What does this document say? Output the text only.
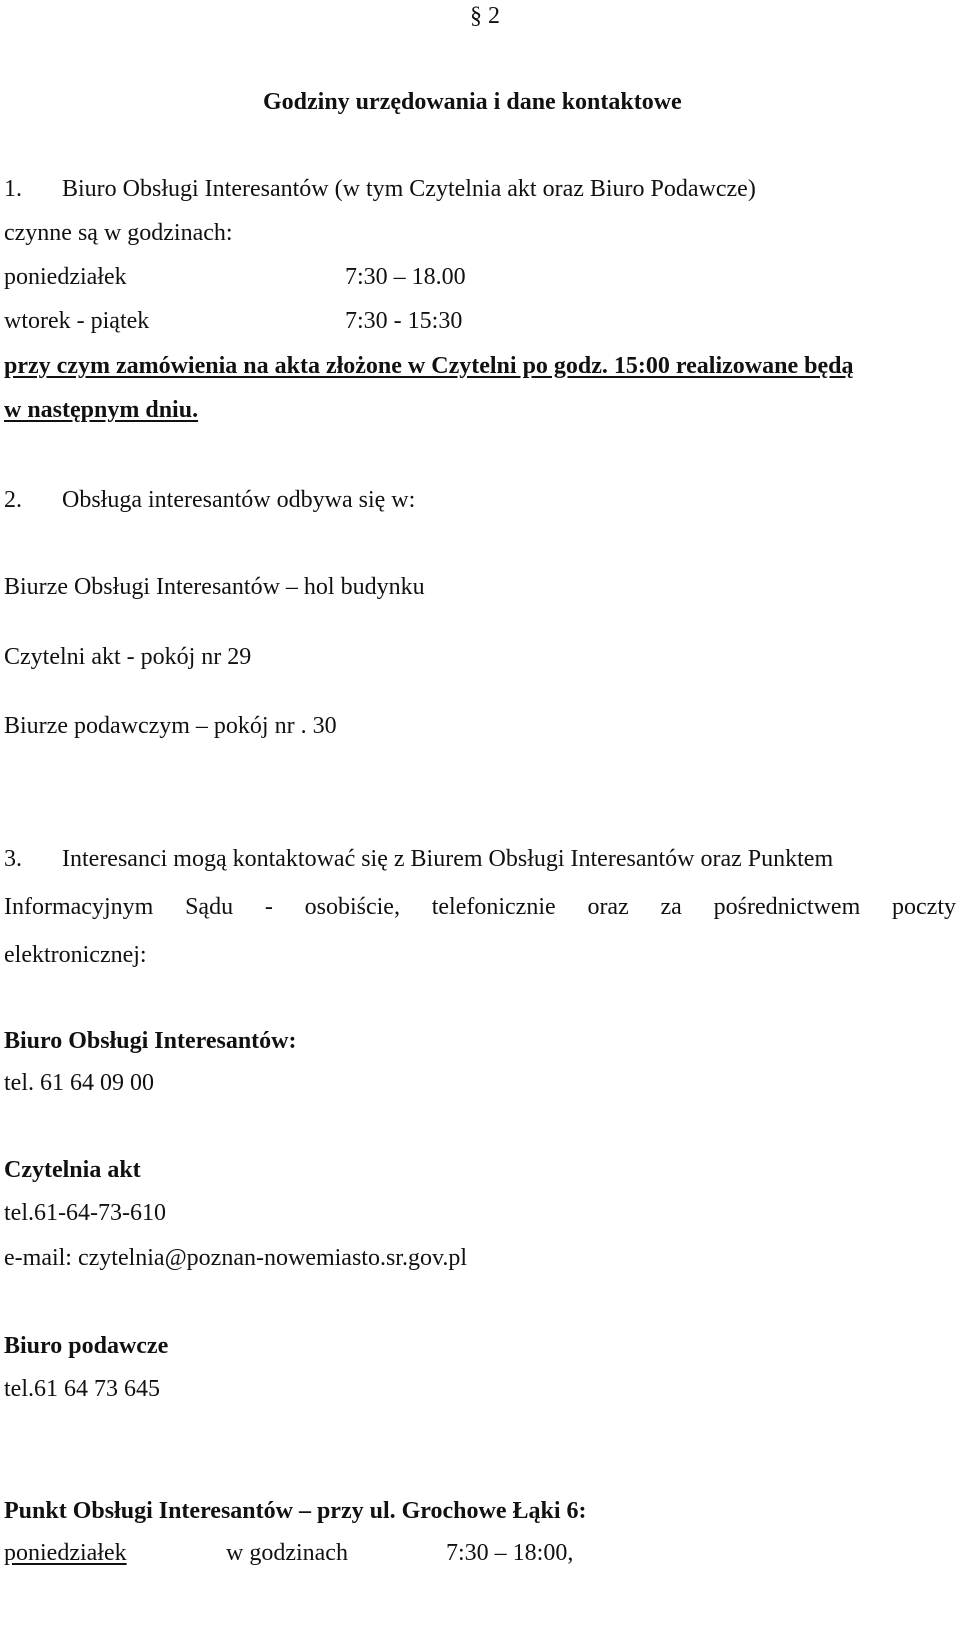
§ 2
Godziny urzędowania i dane kontaktowe
1. Biuro Obsługi Interesantów (w tym Czytelnia akt oraz Biuro Podawcze)
czynne są w godzinach:
poniedziałek	7:30 – 18.00
wtorek - piątek	7:30 - 15:30
przy czym zamówienia na akta złożone w Czytelni po godz. 15:00 realizowane będą
w następnym dniu.
2. Obsługa interesantów odbywa się w:
Biurze Obsługi Interesantów – hol budynku
Czytelni akt - pokój nr 29
Biurze podawczym – pokój nr . 30
3. Interesanci mogą kontaktować się z Biurem Obsługi Interesantów oraz Punktem
Informacyjnym Sądu - osobiście, telefonicznie oraz za pośrednictwem poczty
elektronicznej:
Biuro Obsługi Interesantów:
tel. 61 64 09 00
Czytelnia akt
tel.61-64-73-610
e-mail: czytelnia@poznan-nowemiasto.sr.gov.pl
Biuro podawcze
tel.61 64 73 645
Punkt Obsługi Interesantów – przy ul. Grochowe Łąki 6:
poniedziałek	w godzinach	7:30 – 18:00,
